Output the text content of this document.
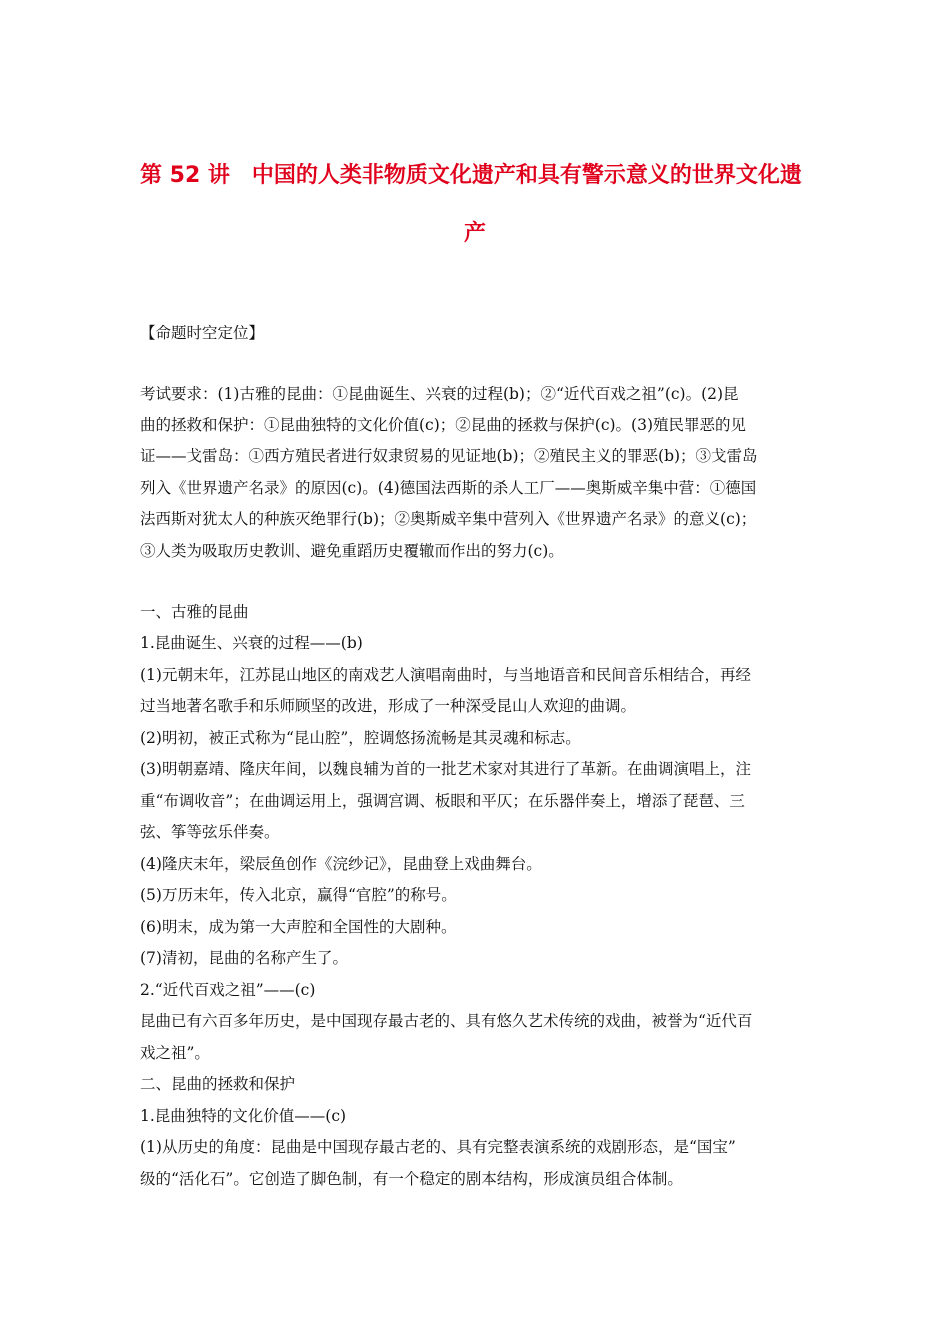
第 52 讲　中国的人类非物质文化遗产和具有警示意义的世界文化遗
产
【命题时空定位】
考试要求：(1)古雅的昆曲：①昆曲诞生、兴衰的过程(b)；②“近代百戏之祖”(c)。(2)昆
曲的拯救和保护：①昆曲独特的文化价值(c)；②昆曲的拯救与保护(c)。(3)殖民罪恶的见
证——戈雷岛：①西方殖民者进行奴隶贸易的见证地(b)；②殖民主义的罪恶(b)；③戈雷岛
列入《世界遗产名录》的原因(c)。(4)德国法西斯的杀人工厂——奥斯威辛集中营：①德国
法西斯对犹太人的种族灭绝罪行(b)；②奥斯威辛集中营列入《世界遗产名录》的意义(c)；
③人类为吸取历史教训、避免重蹈历史覆辙而作出的努力(c)。
一、古雅的昆曲
1.昆曲诞生、兴衰的过程——(b)
(1)元朝末年，江苏昆山地区的南戏艺人演唱南曲时，与当地语音和民间音乐相结合，再经
过当地著名歌手和乐师顾坚的改进，形成了一种深受昆山人欢迎的曲调。
(2)明初，被正式称为“昆山腔”，腔调悠扬流畅是其灵魂和标志。
(3)明朝嘉靖、隆庆年间，以魏良辅为首的一批艺术家对其进行了革新。在曲调演唱上，注
重“布调收音”；在曲调运用上，强调宫调、板眼和平仄；在乐器伴奏上，增添了琵琶、三
弦、筝等弦乐伴奏。
(4)隆庆末年，梁辰鱼创作《浣纱记》，昆曲登上戏曲舞台。
(5)万历末年，传入北京，赢得“官腔”的称号。
(6)明末，成为第一大声腔和全国性的大剧种。
(7)清初，昆曲的名称产生了。
2.“近代百戏之祖”——(c)
昆曲已有六百多年历史，是中国现存最古老的、具有悠久艺术传统的戏曲，被誉为“近代百
戏之祖”。
二、昆曲的拯救和保护
1.昆曲独特的文化价值——(c)
(1)从历史的角度：昆曲是中国现存最古老的、具有完整表演系统的戏剧形态，是“国宝”
级的“活化石”。它创造了脚色制，有一个稳定的剧本结构，形成演员组合体制。
